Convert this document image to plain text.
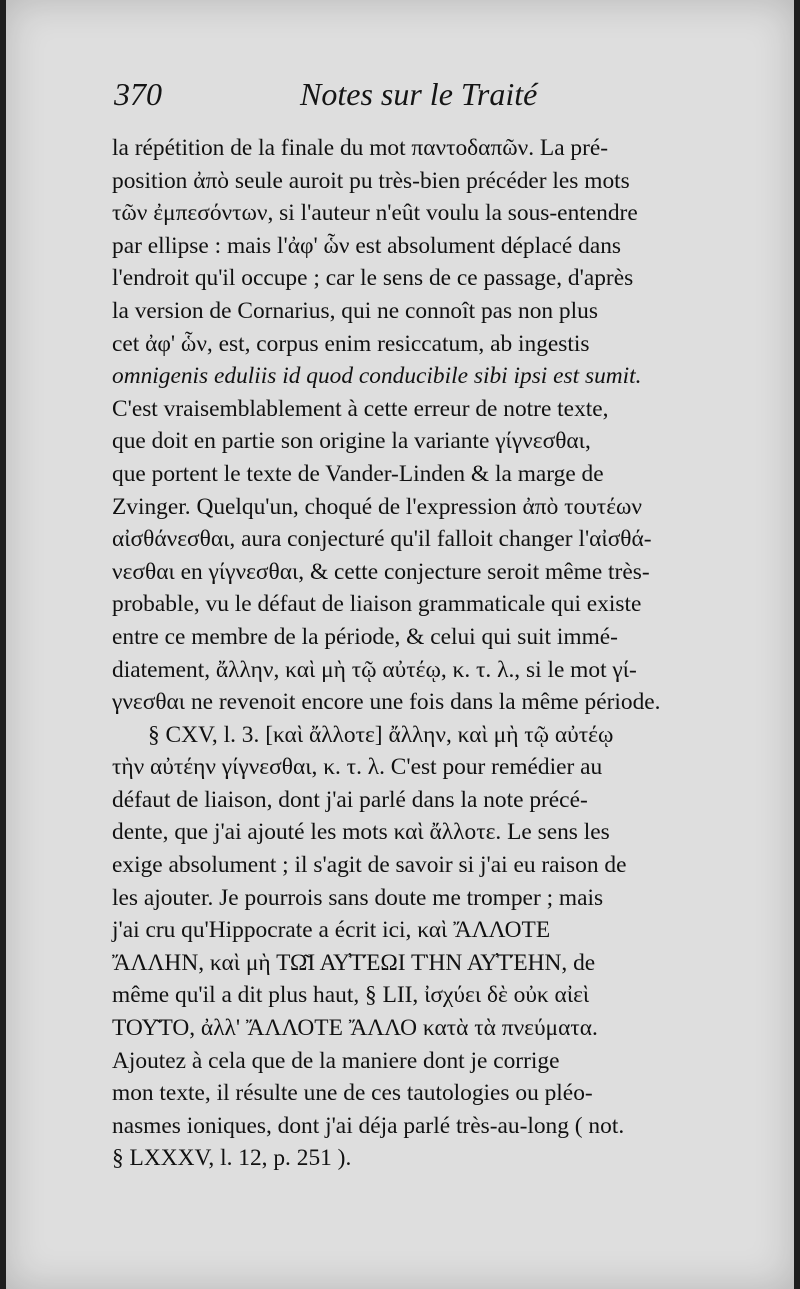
370	Notes sur le Traité
la répétition de la finale du mot παντοδαπῶν. La pré-
position ἀπὸ seule auroit pu très-bien précéder les mots
τῶν ἐμπεσόντων, si l'auteur n'eût voulu la sous-entendre
par ellipse : mais l'ἀφ' ὧν est absolument déplacé dans
l'endroit qu'il occupe ; car le sens de ce passage, d'après
la version de Cornarius, qui ne connoît pas non plus
cet ἀφ' ὧν, est, corpus enim resiccatum, ab ingestis
omnigenis eduliis id quod conducibile sibi ipsi est sumit.
C'est vraisemblablement à cette erreur de notre texte,
que doit en partie son origine la variante γίγνεσθαι,
que portent le texte de Vander-Linden & la marge de
Zvinger. Quelqu'un, choqué de l'expression ἀπὸ τουτέων
αἰσθάνεσθαι, aura conjecturé qu'il falloit changer l'αἰσθά-
νεσθαι en γίγνεσθαι, & cette conjecture seroit même très-
probable, vu le défaut de liaison grammaticale qui existe
entre ce membre de la période, & celui qui suit immé-
diatement, ἄλλην, καὶ μὴ τῷ αὐτέῳ, κ. τ. λ., si le mot γί-
γνεσθαι ne revenoit encore une fois dans la même période.
§ CXV, l. 3. [καὶ ἄλλοτε] ἄλλην, καὶ μὴ τῷ αὐτέῳ
τὴν αὐτέην γίγνεσθαι, κ. τ. λ. C'est pour remédier au
défaut de liaison, dont j'ai parlé dans la note précé-
dente, que j'ai ajouté les mots καὶ ἄλλοτε. Le sens les
exige absolument ; il s'agit de savoir si j'ai eu raison de
les ajouter. Je pourrois sans doute me tromper ; mais
j'ai cru qu'Hippocrate a écrit ici, καὶ ἌΛΛΟΤΕ
ἌΛΛΗΝ, καὶ μὴ ΤΩ͂Ι ΑΥ̓ΤΈΩΙ ΤῊΝ ΑΥ̓ΤΈΗΝ, de
même qu'il a dit plus haut, § LII, ἰσχύει δὲ οὐκ αἰεὶ
ΤΟΥ͂ΤΟ, ἀλλ' ἌΛΛΟΤΕ ἌΛΛΟ κατὰ τὰ πνεύματα.
Ajoutez à cela que de la maniere dont je corrige
mon texte, il résulte une de ces tautologies ou pléo-
nasmes ioniques, dont j'ai déja parlé très-au-long ( not.
§ LXXXV, l. 12, p. 251 ).
